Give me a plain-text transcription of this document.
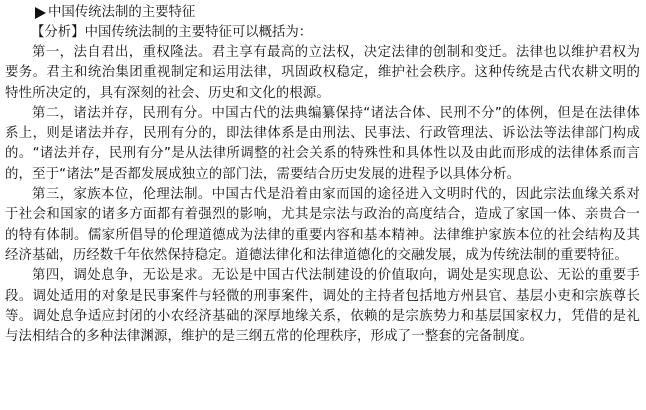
中国传统法制的主要特征
【分析】中国传统法制的主要特征可以概括为：

第一，法自君出，重权隆法。君主享有最高的立法权，决定法律的创制和变迁。法律也以维护君权为要务。君主和统治集团重视制定和运用法律，巩固政权稳定，维护社会秩序。这种传统是古代农耕文明的特性所决定的，具有深刻的社会、历史和文化的根源。

第二，诸法并存，民刑有分。中国古代的法典编纂保持“诸法合体、民刑不分”的体例，但是在法律体系上，则是诸法并存，民刑有分的，即法律体系是由刑法、民事法、行政管理法、诉讼法等法律部门构成的。“诸法并存，民刑有分”是从法律所调整的社会关系的特殊性和具体性以及由此而形成的法律体系而言的，至于“诸法”是否都发展成独立的部门法，需要结合历史发展的进程予以具体分析。

第三，家族本位，伦理法制。中国古代是沿着由家而国的途径进入文明时代的，因此宗法血缘关系对于社会和国家的诸多方面都有着强烈的影响，尤其是宗法与政治的高度结合，造成了家国一体、亲贵合一的特有体制。儒家所倡导的伦理道德成为法律的重要内容和基本精神。法律维护家族本位的社会结构及其经济基础，历经数千年依然保持稳定。道德法律化和法律道德化的交融发展，成为传统法制的重要特征。

第四，调处息争，无讼是求。无讼是中国古代法制建设的价值取向，调处是实现息讼、无讼的重要手段。调处适用的对象是民事案件与轻微的刑事案件，调处的主持者包括地方州县官、基层小吏和宗族尊长等。调处息争适应封闭的小农经济基础的深厚地缘关系，依赖的是宗族势力和基层国家权力，凭借的是礼与法相结合的多种法律渊源，维护的是三纲五常的伦理秩序，形成了一整套的完备制度。
